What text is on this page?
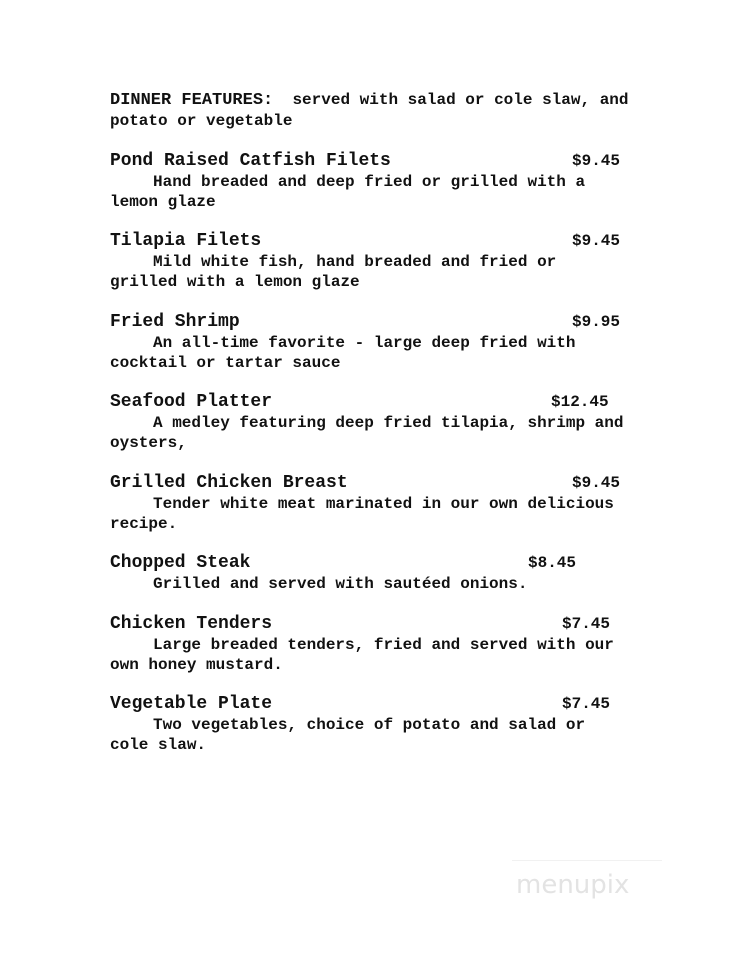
DINNER FEATURES:  served with salad or cole slaw, and potato or vegetable
Pond Raised Catfish Filets	$9.45
Hand breaded and deep fried or grilled with a lemon glaze
Tilapia Filets	$9.45
Mild white fish, hand breaded and fried or grilled with a lemon glaze
Fried Shrimp	$9.95
An all-time favorite - large deep fried with cocktail or tartar sauce
Seafood Platter	$12.45
A medley featuring deep fried tilapia, shrimp and oysters,
Grilled Chicken Breast	$9.45
Tender white meat marinated in our own delicious recipe.
Chopped Steak	$8.45
Grilled and served with sautéed onions.
Chicken Tenders	$7.45
Large breaded tenders, fried and served with our own honey mustard.
Vegetable Plate	$7.45
Two vegetables, choice of potato and salad or cole slaw.
menupix
